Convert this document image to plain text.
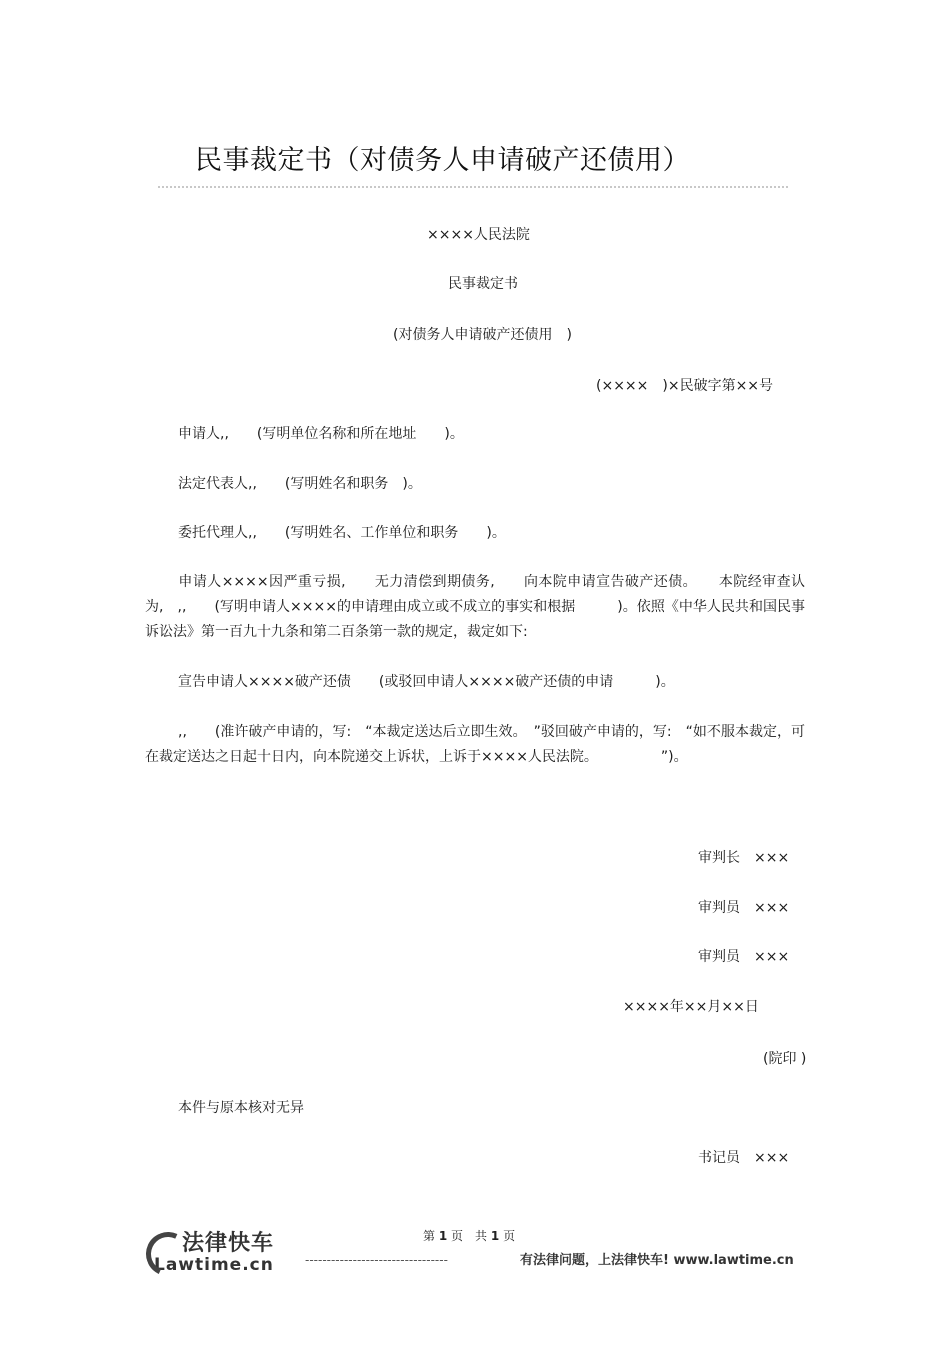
民事裁定书（对债务人申请破产还债用）
××××人民法院
民事裁定书
(对债务人申请破产还债用　)
(××××　)×民破字第××号
申请人,,　　(写明单位名称和所在地址　　)。
法定代表人,,　　(写明姓名和职务　)。
委托代理人,,　　(写明姓名、工作单位和职务　　)。
申请人××××因严重亏损,　　无力清偿到期债务,　　向本院申请宣告破产还债。　　本院经审查认为,　,,　　(写明申请人××××的申请理由成立或不成立的事实和根据　　　)。依照《中华人民共和国民事诉讼法》第一百九十九条和第二百条第一款的规定，裁定如下:
宣告申请人××××破产还债　　(或驳回申请人××××破产还债的申请　　　)。
,,　　(准许破产申请的，写:　“本裁定送达后立即生效。　”驳回破产申请的，写:　“如不服本裁定，可在裁定送达之日起十日内，向本院递交上诉状，上诉于××××人民法院。　　　　　”)。
审判长　×××
审判员　×××
审判员　×××
××××年××月××日
(院印 )
本件与原本核对无异
书记员　×××
法律快车
Lawtime.cn
第 1 页　共 1 页
---------------------------------	有法律问题，上法律快车! www.lawtime.cn
